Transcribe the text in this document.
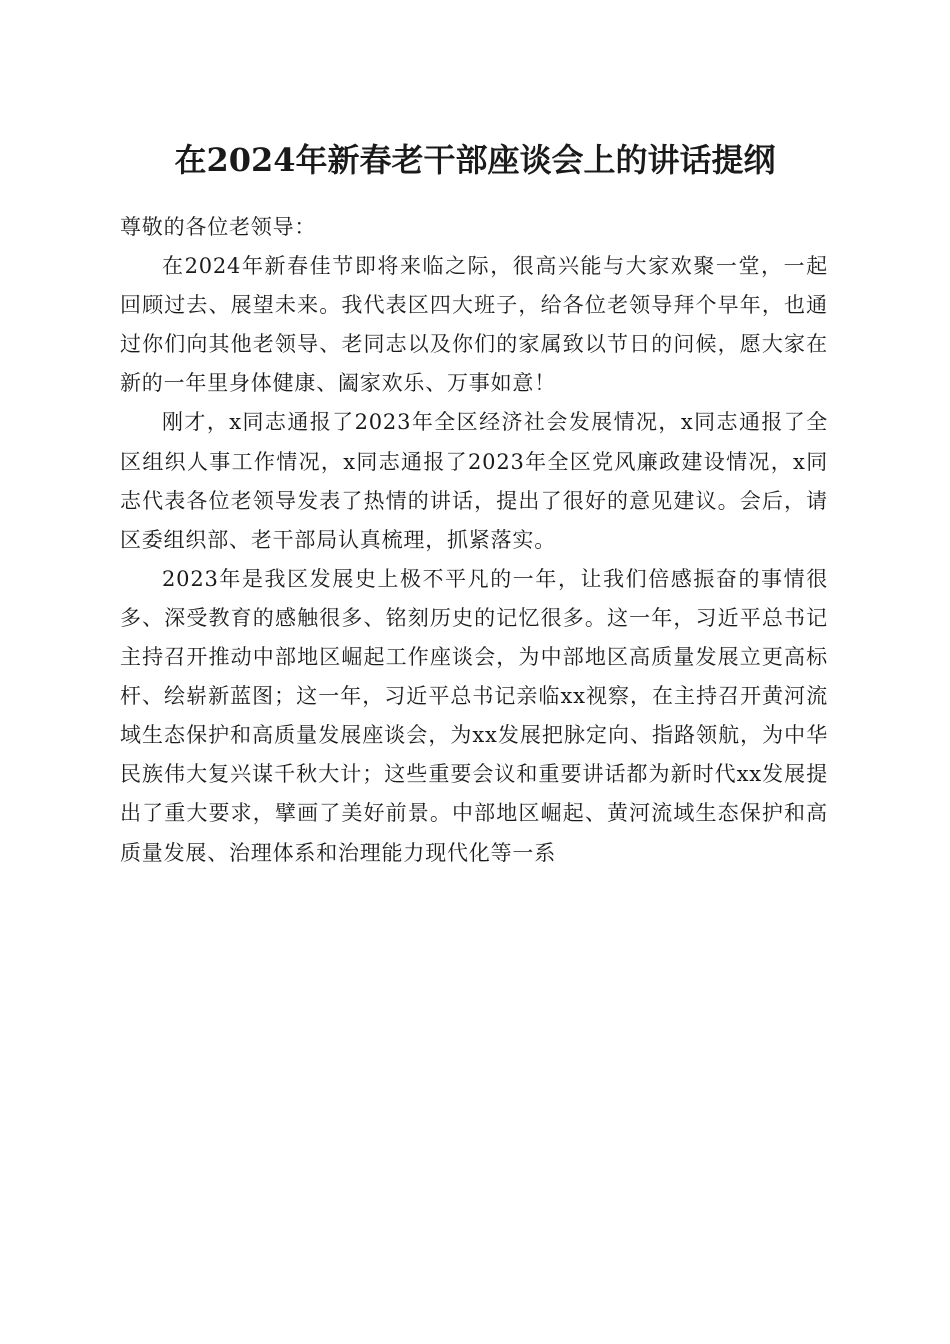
在2024年新春老干部座谈会上的讲话提纲

尊敬的各位老领导：

在2024年新春佳节即将来临之际，很高兴能与大家欢聚一堂，一起回顾过去、展望未来。我代表区四大班子，给各位老领导拜个早年，也通过你们向其他老领导、老同志以及你们的家属致以节日的问候，愿大家在新的一年里身体健康、阖家欢乐、万事如意！

刚才，x同志通报了2023年全区经济社会发展情况，x同志通报了全区组织人事工作情况，x同志通报了2023年全区党风廉政建设情况，x同志代表各位老领导发表了热情的讲话，提出了很好的意见建议。会后，请区委组织部、老干部局认真梳理，抓紧落实。

2023年是我区发展史上极不平凡的一年，让我们倍感振奋的事情很多、深受教育的感触很多、铭刻历史的记忆很多。这一年，习近平总书记主持召开推动中部地区崛起工作座谈会，为中部地区高质量发展立更高标杆、绘崭新蓝图；这一年，习近平总书记亲临xx视察，在主持召开黄河流域生态保护和高质量发展座谈会，为xx发展把脉定向、指路领航，为中华民族伟大复兴谋千秋大计；这些重要会议和重要讲话都为新时代xx发展提出了重大要求，擘画了美好前景。中部地区崛起、黄河流域生态保护和高质量发展、治理体系和治理能力现代化等一系
